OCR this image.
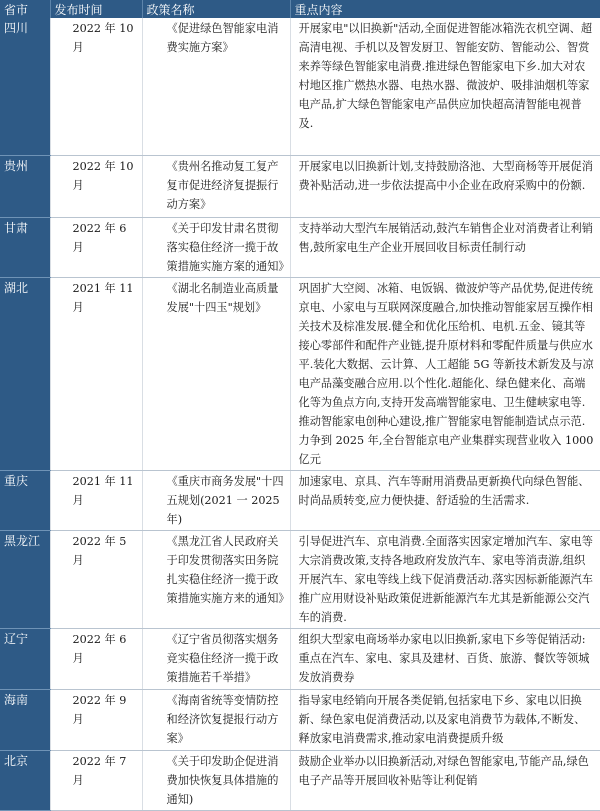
省市	发布时间	政策名称	重点内容
四川	2022 年 10 月	《促进绿色智能家电消费实施方案》	开展家电"以旧换新"活动,全面促进智能冰箱洗衣机空调、超高清电视、手机以及智发厨卫、智能安防、智能动公、智赏来养等绿色智能家电消费.推进绿色智能家电下乡.加大对农村地区推广燃热水器、电热水器、微波炉、吸排油烟机等家电产品,扩大绿色智能家电产品供应加快超高清智能电视普及.
贵州	2022 年 10 月	《贵州名推动复工复产复市促进经济复提振行动方案》	开展家电以旧换新计划,支持鼓励洛池、大型商杨等开展促消费补贴活动,进一步依法提高中小企业在政府采购中的份额.
甘肃	2022 年 6 月	《关于印发甘肃名贯彻落实稳住经济一揽于故策措施实施方案的通知》	支持举动大型汽车展销活动,鼓汽车销售企业对消费者让利销售,鼓所家电生产企业开展回收目标责任制行动
湖北	2021 年 11 月	《湖北名制造业高质量发展"十四玉"规划》	巩固扩大空阅、冰箱、电饭锅、微波炉等产品优势,促进传统京电、小家电与互联网深度融合,加快推动智能家居互操作相关技术及棕准发展.健全和优化压给机、电机.五金、镜其等接心零部件和配件产业链,提升原材料和零配件质量与供应水平.装化大数据、云计算、人工超能 5G 等新技术新发及与凉电产品藻变融合应用.以个性化.超能化、绿色健来化、高端化等为鱼点方向,支持开发高端智能家电、卫生健峡家电等.推动智能家电创种心建设,推广智能家电智能制造试点示范.力争到 2025 年,全台智能京电产业集群实现营业收入 1000 亿元
重庆	2021 年 11 月	《重庆市商务发展"十四五规划(2021 一 2025 年)	加速家电、京具、汽车等耐用消费品更新换代向绿色智能、时尚品质转变,应力便快捷、舒适验的生活需求.
黑龙江	2022 年 5 月	《黑龙江省人民政府关于印发贯彻落实田务院扎实稳住经济一揽于政策措施实施方来的通知》	引导促进汽车、京电消费.全面落实因家定增加汽车、家电等大宗消费改策,支持各地政府发放汽车、家电等消责游,组织开展汽车、家电等线上线下促消费活动.落实因标新能源汽车推广应用财设补贴政策促进新能源汽车尤其是新能源公交汽车的消费.
辽宁	2022 年 6 月	《辽宁省员彻落实烟务竞实稳住经济一揽于政策措施若千举措》	组织大型家电商场举办家电以旧换新,家电下乡等促销活动:重点在汽车、家电、家具及建材、百货、旅游、餐饮等领城发放消费券
海南	2022 年 9 月	《海南省统等变情防控和经济饮复提报行动方案》	指导家电经销向开展各类促销,包括家电下乡、家电以旧换新、绿色家电促消费活动,以及家电消费节为载体,不断发、释放家电消费需求,推动家电消费提质升级
北京	2022 年 7 月	《关于印发助企促进消费加快恢复具体措施的通知)	鼓励企业举办以旧换新活动,对绿色智能家电,节能产品,绿色电子产品等开展回收补贴等让利促销
